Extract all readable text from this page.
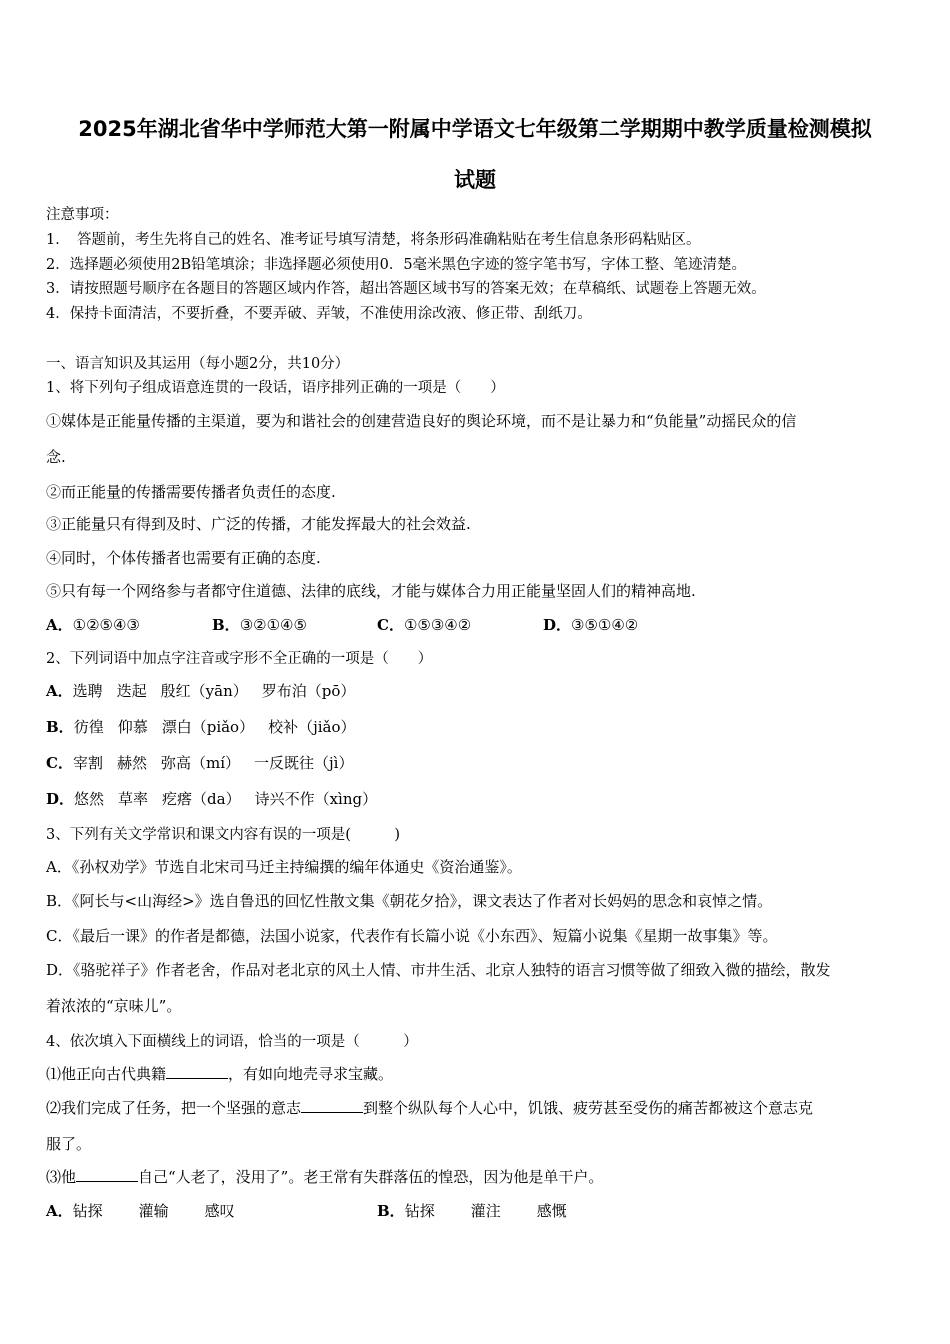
2025年湖北省华中学师范大第一附属中学语文七年级第二学期期中教学质量检测模拟
试题
注意事项：
1．　答题前，考生先将自己的姓名、准考证号填写清楚，将条形码准确粘贴在考生信息条形码粘贴区。
2．选择题必须使用2B铅笔填涂；非选择题必须使用0．5毫米黑色字迹的签字笔书写，字体工整、笔迹清楚。
3．请按照题号顺序在各题目的答题区域内作答，超出答题区域书写的答案无效；在草稿纸、试题卷上答题无效。
4．保持卡面清洁，不要折叠，不要弄破、弄皱，不准使用涂改液、修正带、刮纸刀。
一、语言知识及其运用（每小题2分，共10分）
1、将下列句子组成语意连贯的一段话，语序排列正确的一项是（　　）
①媒体是正能量传播的主渠道，要为和谐社会的创建营造良好的舆论环境，而不是让暴力和“负能量”动摇民众的信
念.
②而正能量的传播需要传播者负责任的态度.
③正能量只有得到及时、广泛的传播，才能发挥最大的社会效益.
④同时，个体传播者也需要有正确的态度.
⑤只有每一个网络参与者都守住道德、法律的底线，才能与媒体合力用正能量坚固人们的精神高地.
A．①②⑤④③	B．③②①④⑤	C．①⑤③④②	D．③⑤①④②
2、下列词语中加点字注音或字形不全正确的一项是（　　）
A．选聘 迭起 殷红（yān） 罗布泊（pō）
B．彷徨 仰慕 漂白（piǎo） 校补（jiǎo）
C．宰割 赫然 弥高（mí） 一反既往（jì）
D．悠然 草率 疙瘩（da） 诗兴不作（xìng）
3、下列有关文学常识和课文内容有误的一项是(　　　)
A．《孙权劝学》节选自北宋司马迁主持编撰的编年体通史《资治通鉴》。
B．《阿长与<山海经>》选自鲁迅的回忆性散文集《朝花夕拾》，课文表达了作者对长妈妈的思念和哀悼之情。
C．《最后一课》的作者是都德，法国小说家，代表作有长篇小说《小东西》、短篇小说集《星期一故事集》等。
D．《骆驼祥子》作者老舍，作品对老北京的风土人情、市井生活、北京人独特的语言习惯等做了细致入微的描绘，散发
着浓浓的“京味儿”。
4、依次填入下面横线上的词语，恰当的一项是（　　　）
⑴他正向古代典籍	，有如向地壳寻求宝藏。
⑵我们完成了任务，把一个坚强的意志	到整个纵队每个人心中，饥饿、疲劳甚至受伤的痛苦都被这个意志克
服了。
⑶他	自己“人老了，没用了”。老王常有失群落伍的惶恐，因为他是单干户。
A．钻探 灌输 感叹	B．钻探 灌注 感慨
